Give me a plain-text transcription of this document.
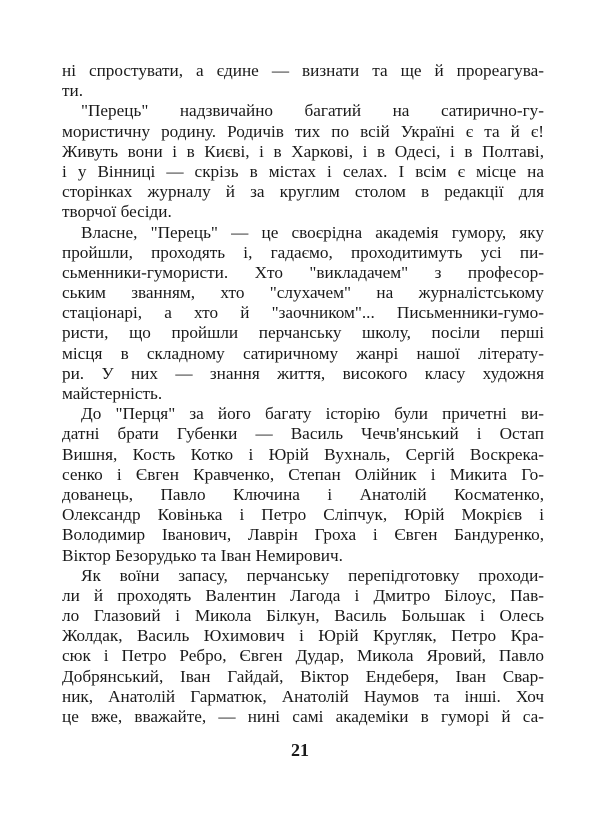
ні спростувати, а єдине — визнати та ще й прореагува-
ти.
"Перець" надзвичайно багатий на сатирично-гу-
мористичну родину. Родичів тих по всій Україні є та й є!
Живуть вони і в Києві, і в Харкові, і в Одесі, і в Полтаві,
і у Вінниці — скрізь в містах і селах. І всім є місце на
сторінках журналу й за круглим столом в редакції для
творчої бесіди.
Власне, "Перець" — це своєрідна академія гумору, яку
пройшли, проходять і, гадаємо, проходитимуть усі пи-
сьменники-гумористи. Хто "викладачем" з професор-
ським званням, хто "слухачем" на журналістському
стаціонарі, а хто й "заочником"... Письменники-гумо-
ристи, що пройшли перчанську школу, посіли перші
місця в складному сатиричному жанрі нашої літерату-
ри. У них — знання життя, високого класу художня
майстерність.
До "Перця" за його багату історію були причетні ви-
датні брати Губенки — Василь Чечв'янський і Остап
Вишня, Кость Котко і Юрій Вухналь, Сергій Воскрека-
сенко і Євген Кравченко, Степан Олійник і Микита Го-
дованець, Павло Ключина і Анатолій Косматенко,
Олександр Ковінька і Петро Сліпчук, Юрій Мокрієв і
Володимир Іванович, Лаврін Гроха і Євген Бандуренко,
Віктор Безорудько та Іван Немирович.
Як воїни запасу, перчанську перепідготовку проходи-
ли й проходять Валентин Лагода і Дмитро Білоус, Пав-
ло Глазовий і Микола Білкун, Василь Большак і Олесь
Жолдак, Василь Юхимович і Юрій Кругляк, Петро Кра-
сюк і Петро Ребро, Євген Дудар, Микола Яровий, Павло
Добрянський, Іван Гайдай, Віктор Ендеберя, Іван Свар-
ник, Анатолій Гарматюк, Анатолій Наумов та інші. Хоч
це вже, вважайте, — нині самі академіки в гуморі й са-
21
